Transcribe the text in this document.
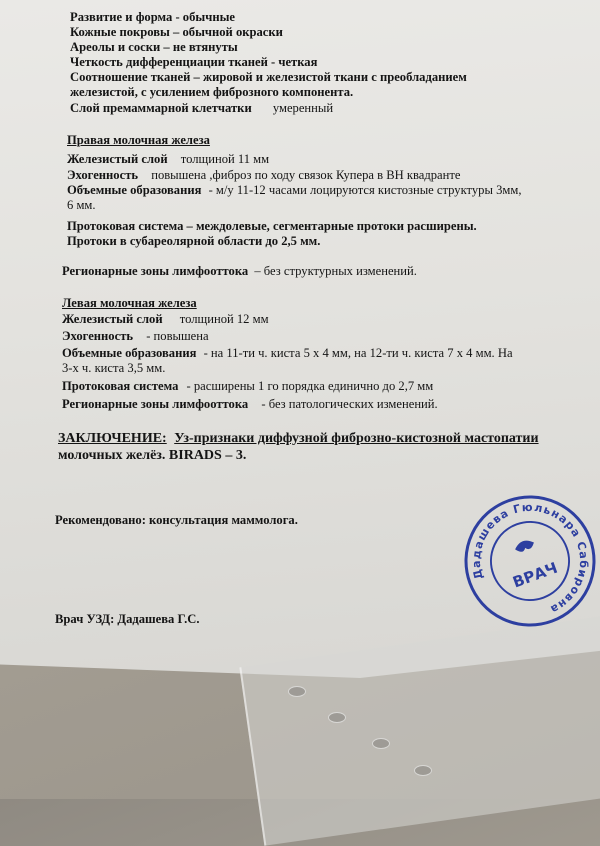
Развитие и форма - обычные
Кожные покровы – обычной окраски
Ареолы и соски – не втянуты
Четкость дифференциации тканей - четкая
Соотношение тканей – жировой и железистой ткани с преобладанием
железистой, с усилением фиброзного компонента.
Слой премаммарной клетчатки умеренный
Правая молочная железа
Железистый слой толщиной 11 мм
Эхогенность повышена ,фиброз по ходу связок Купера в ВН квадранте
Объемные образования - м/у 11-12 часами лоцируются кистозные структуры 3мм,
6 мм.
Протоковая система – междолевые, сегментарные протоки расширены.
Протоки в субареолярной области до 2,5 мм.
Регионарные зоны лимфооттока – без структурных изменений.
Левая молочная железа
Железистый слой толщиной 12 мм
Эхогенность - повышена
Объемные образования - на 11-ти ч. киста 5 х 4 мм, на 12-ти ч. киста 7 х 4 мм. На
3-х ч. киста 3,5 мм.
Протоковая система - расширены 1 го порядка единично до 2,7 мм
Регионарные зоны лимфооттока - без патологических изменений.
ЗАКЛЮЧЕНИЕ: Уз-признаки диффузной фиброзно-кистозной мастопатии
молочных желёз. BIRADS – 3.
Рекомендовано: консультация маммолога.
Врач УЗД: Дадашева Г.С.
Дадашева Гюльнара Сабировна
ВРАЧ
